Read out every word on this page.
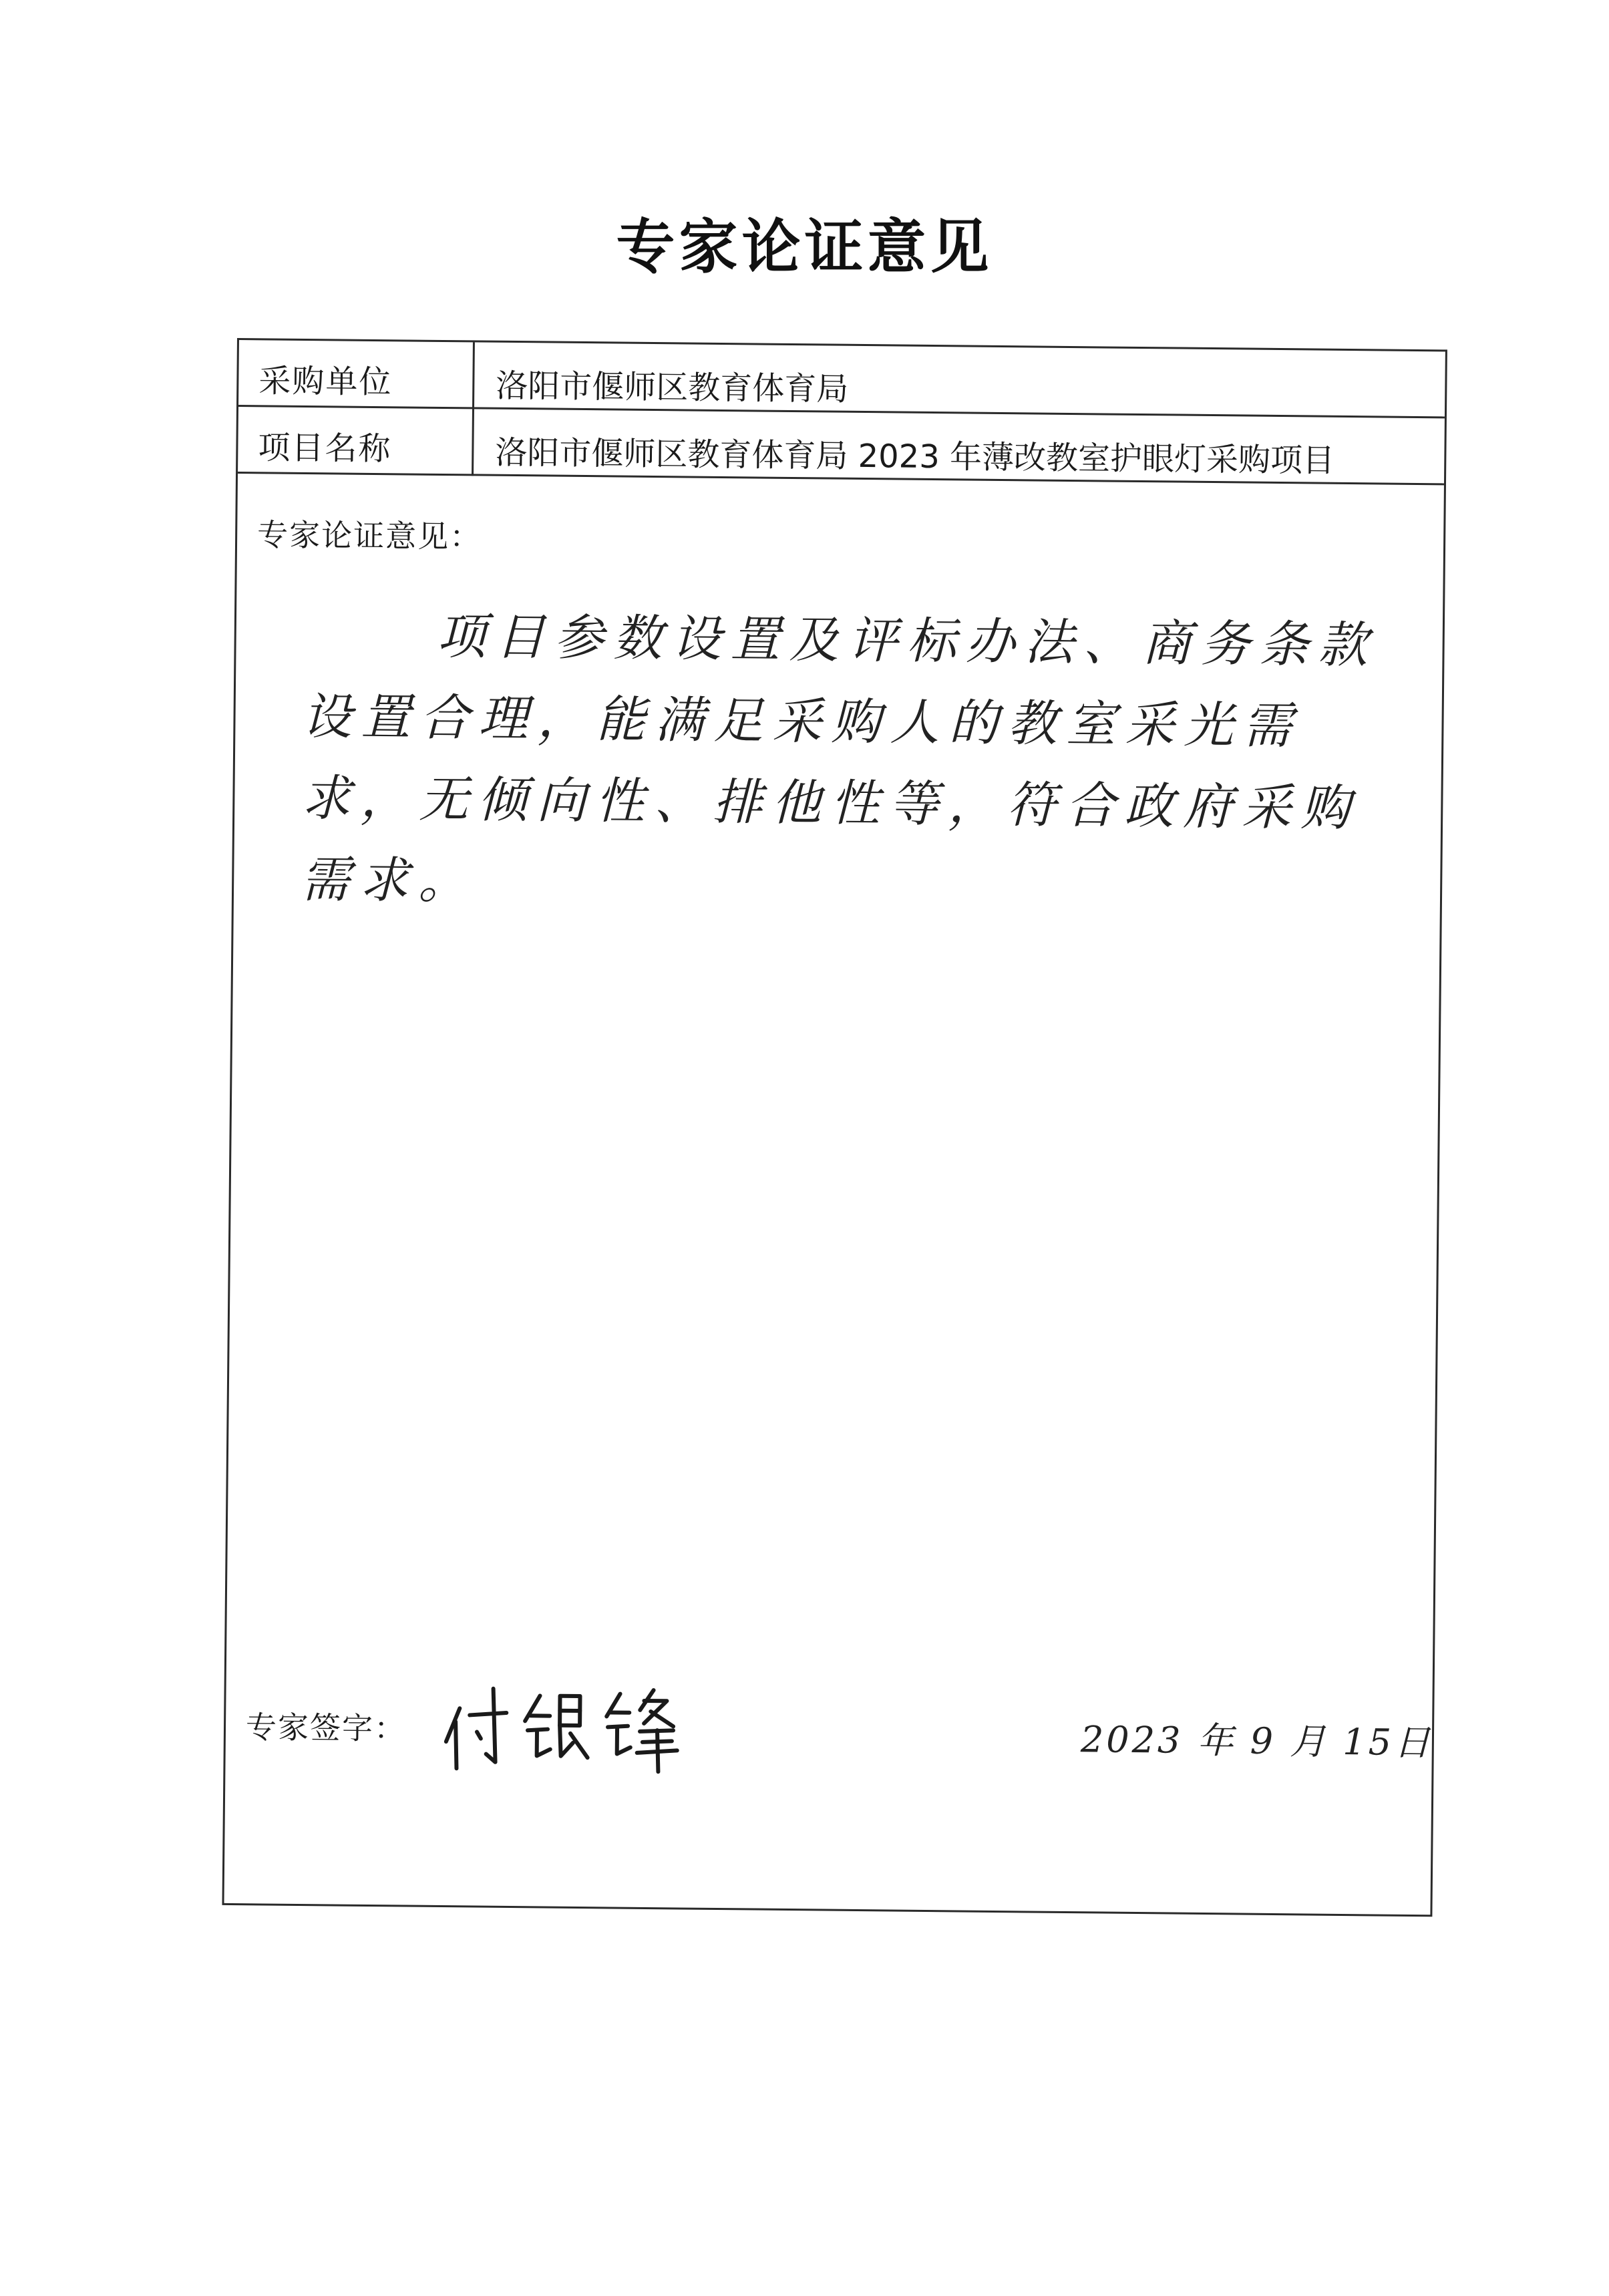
专家论证意见
采购单位	洛阳市偃师区教育体育局
项目名称	洛阳市偃师区教育体育局 2023 年薄改教室护眼灯采购项目
专家论证意见：
项目参数设置及评标办法、商务条款设置合理，能满足采购人的教室采光需求，无倾向性、排他性等，符合政府采购需求。
专家签字：	2023 年 9 月 15日
